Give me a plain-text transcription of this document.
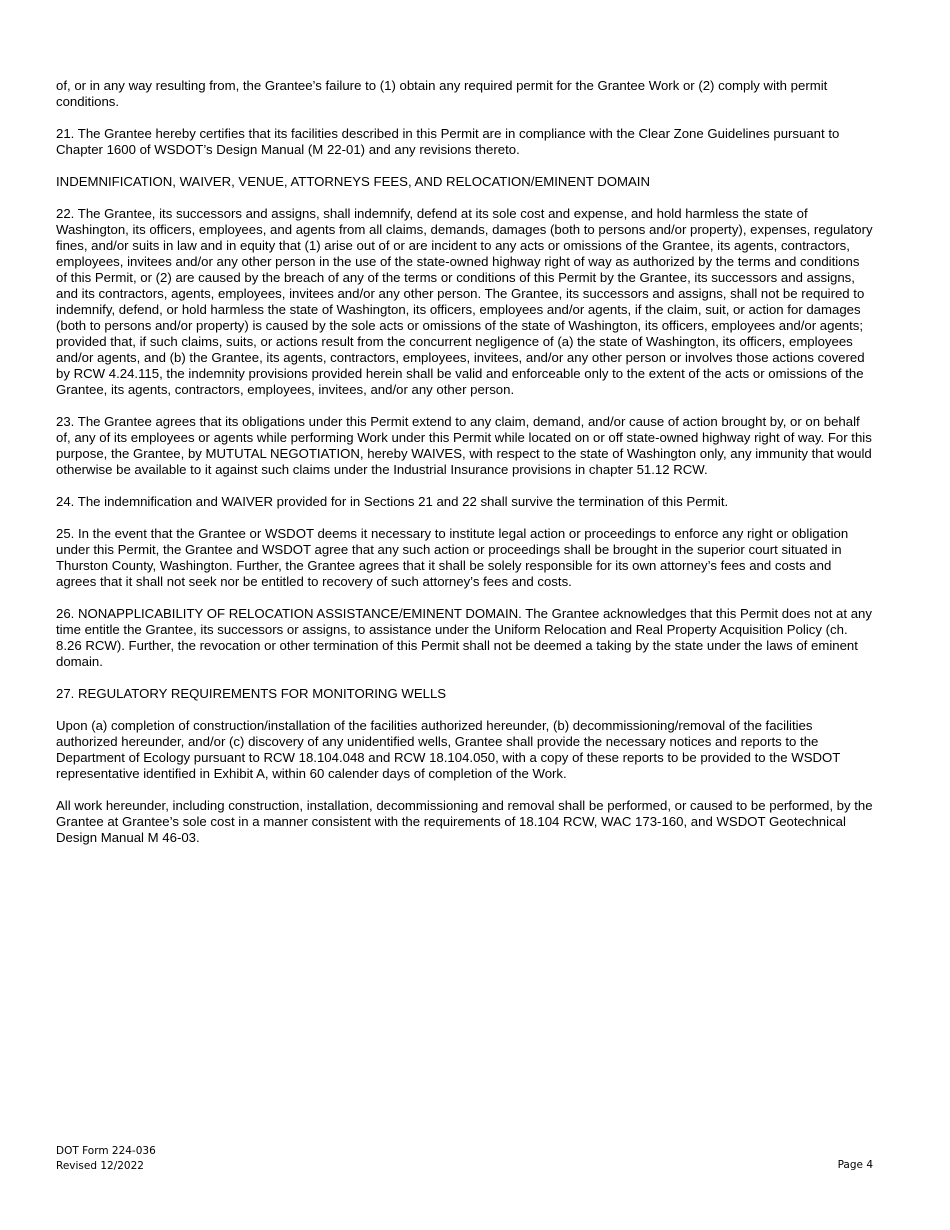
of, or in any way resulting from, the Grantee’s failure to (1) obtain any required permit for the Grantee Work or (2) comply with permit conditions.

21. The Grantee hereby certifies that its facilities described in this Permit are in compliance with the Clear Zone Guidelines pursuant to Chapter 1600 of WSDOT’s Design Manual (M 22-01) and any revisions thereto.

INDEMNIFICATION, WAIVER, VENUE, ATTORNEYS FEES, AND RELOCATION/EMINENT DOMAIN

22. The Grantee, its successors and assigns, shall indemnify, defend at its sole cost and expense, and hold harmless the state of Washington, its officers, employees, and agents from all claims, demands, damages (both to persons and/or property), expenses, regulatory fines, and/or suits in law and in equity that (1) arise out of or are incident to any acts or omissions of the Grantee, its agents, contractors, employees, invitees and/or any other person in the use of the state-owned highway right of way as authorized by the terms and conditions of this Permit, or (2) are caused by the breach of any of the terms or conditions of this Permit by the Grantee, its successors and assigns, and its contractors, agents, employees, invitees and/or any other person. The Grantee, its successors and assigns, shall not be required to indemnify, defend, or hold harmless the state of Washington, its officers, employees and/or agents, if the claim, suit, or action for damages (both to persons and/or property) is caused by the sole acts or omissions of the state of Washington, its officers, employees and/or agents; provided that, if such claims, suits, or actions result from the concurrent negligence of (a) the state of Washington, its officers, employees and/or agents, and (b) the Grantee, its agents, contractors, employees, invitees, and/or any other person or involves those actions covered by RCW 4.24.115, the indemnity provisions provided herein shall be valid and enforceable only to the extent of the acts or omissions of the Grantee, its agents, contractors, employees, invitees, and/or any other person.

23. The Grantee agrees that its obligations under this Permit extend to any claim, demand, and/or cause of action brought by, or on behalf of, any of its employees or agents while performing Work under this Permit while located on or off state-owned highway right of way. For this purpose, the Grantee, by MUTUTAL NEGOTIATION, hereby WAIVES, with respect to the state of Washington only, any immunity that would otherwise be available to it against such claims under the Industrial Insurance provisions in chapter 51.12 RCW.

24. The indemnification and WAIVER provided for in Sections 21 and 22 shall survive the termination of this Permit.

25. In the event that the Grantee or WSDOT deems it necessary to institute legal action or proceedings to enforce any right or obligation under this Permit, the Grantee and WSDOT agree that any such action or proceedings shall be brought in the superior court situated in Thurston County, Washington. Further, the Grantee agrees that it shall be solely responsible for its own attorney’s fees and costs and agrees that it shall not seek nor be entitled to recovery of such attorney’s fees and costs.

26. NONAPPLICABILITY OF RELOCATION ASSISTANCE/EMINENT DOMAIN. The Grantee acknowledges that this Permit does not at any time entitle the Grantee, its successors or assigns, to assistance under the Uniform Relocation and Real Property Acquisition Policy (ch. 8.26 RCW). Further, the revocation or other termination of this Permit shall not be deemed a taking by the state under the laws of eminent domain.

27. REGULATORY REQUIREMENTS FOR MONITORING WELLS

Upon (a) completion of construction/installation of the facilities authorized hereunder, (b) decommissioning/removal of the facilities authorized hereunder, and/or (c) discovery of any unidentified wells, Grantee shall provide the necessary notices and reports to the Department of Ecology pursuant to RCW 18.104.048 and RCW 18.104.050, with a copy of these reports to be provided to the WSDOT representative identified in Exhibit A, within 60 calender days of completion of the Work.

All work hereunder, including construction, installation, decommissioning and removal shall be performed, or caused to be performed, by the Grantee at Grantee’s sole cost in a manner consistent with the requirements of 18.104 RCW, WAC 173-160, and WSDOT Geotechnical Design Manual M 46-03.

DOT Form 224-036
Revised 12/2022	Page 4
